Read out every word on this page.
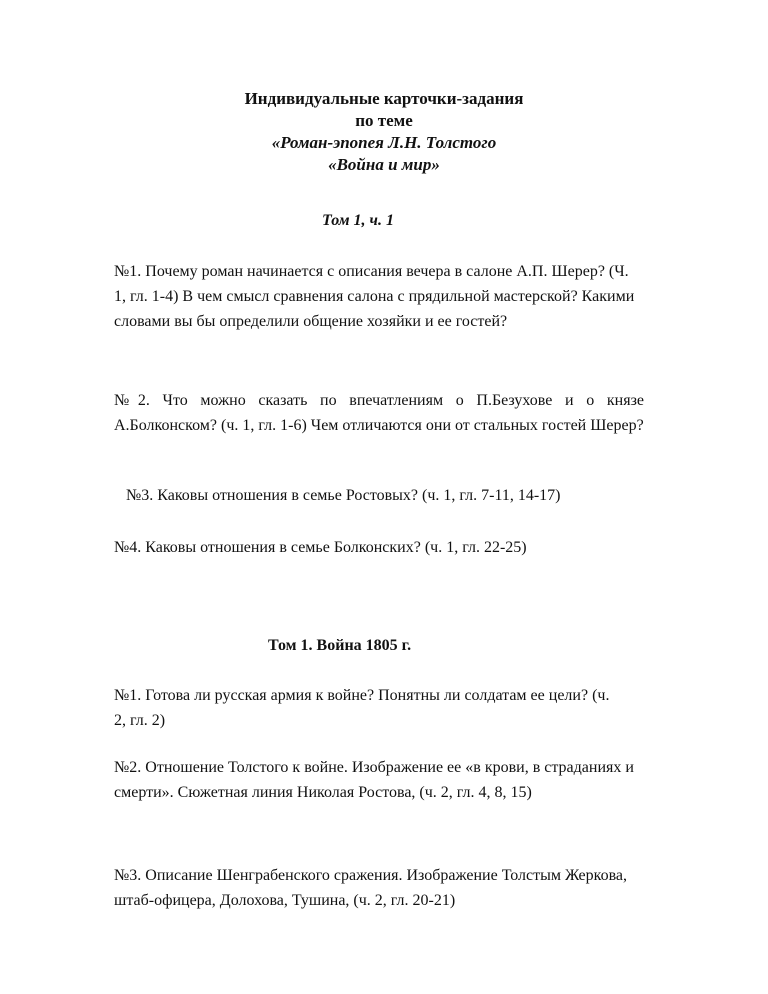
Индивидуальные карточки-задания
по теме
«Роман-эпопея Л.Н. Толстого
«Война и мир»
Том 1, ч. 1
№1. Почему роман начинается с описания вечера в салоне А.П. Шерер? (Ч. 1, гл. 1-4) В чем смысл сравнения салона с прядильной мастерской? Какими словами вы бы определили общение хозяйки и ее гостей?
№2. Что можно сказать по впечатлениям о П.Безухове и о князе А.Болконском? (ч. 1, гл. 1-6) Чем отличаются они от стальных гостей Шерер?
№3. Каковы отношения в семье Ростовых? (ч. 1, гл. 7-11, 14-17)
№4. Каковы отношения в семье Болконских? (ч. 1, гл. 22-25)
Том 1. Война 1805 г.
№1. Готова ли русская армия к войне? Понятны ли солдатам ее цели? (ч. 2, гл. 2)
№2. Отношение Толстого к войне. Изображение ее «в крови, в страданиях и смерти». Сюжетная линия Николая Ростова, (ч. 2, гл. 4, 8, 15)
№3. Описание Шенграбенского сражения. Изображение Толстым Жеркова, штаб-офицера, Долохова, Тушина, (ч. 2, гл. 20-21)
